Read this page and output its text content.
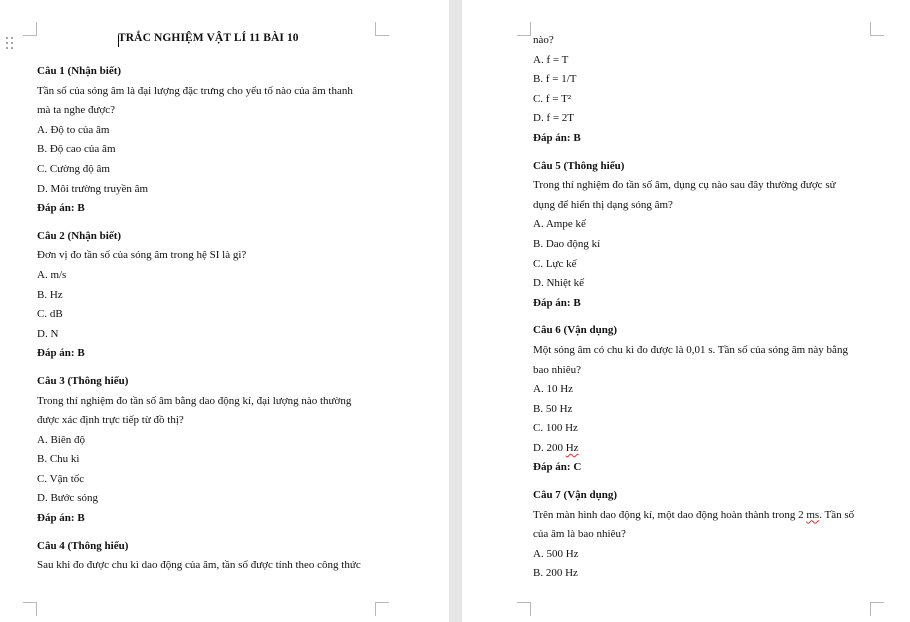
TRẮC NGHIỆM VẬT LÍ 11 BÀI 10
Câu 1 (Nhận biết)
Tần số của sóng âm là đại lượng đặc trưng cho yếu tố nào của âm thanh
mà ta nghe được?
A. Độ to của âm
B. Độ cao của âm
C. Cường độ âm
D. Môi trường truyền âm
Đáp án: B
Câu 2 (Nhận biết)
Đơn vị đo tần số của sóng âm trong hệ SI là gì?
A. m/s
B. Hz
C. dB
D. N
Đáp án: B
Câu 3 (Thông hiểu)
Trong thí nghiệm đo tần số âm bằng dao động kí, đại lượng nào thường
được xác định trực tiếp từ đồ thị?
A. Biên độ
B. Chu kì
C. Vận tốc
D. Bước sóng
Đáp án: B
Câu 4 (Thông hiểu)
Sau khi đo được chu kì dao động của âm, tần số được tính theo công thức
nào?
A. f = T
B. f = 1/T
C. f = T²
D. f = 2T
Đáp án: B
Câu 5 (Thông hiểu)
Trong thí nghiệm đo tần số âm, dụng cụ nào sau đây thường được sử
dụng để hiển thị dạng sóng âm?
A. Ampe kế
B. Dao động kí
C. Lực kế
D. Nhiệt kế
Đáp án: B
Câu 6 (Vận dụng)
Một sóng âm có chu kì đo được là 0,01 s. Tần số của sóng âm này bằng
bao nhiêu?
A. 10 Hz
B. 50 Hz
C. 100 Hz
D. 200 Hz
Đáp án: C
Câu 7 (Vận dụng)
Trên màn hình dao động kí, một dao động hoàn thành trong 2 ms. Tần số
của âm là bao nhiêu?
A. 500 Hz
B. 200 Hz
